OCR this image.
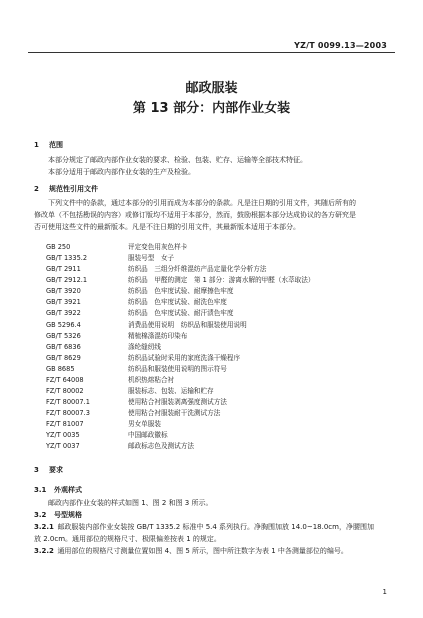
YZ/T 0099.13—2003
邮政服装
第 13 部分：内部作业女装
1 范围

本部分规定了邮政内部作业女装的要求、检验、包装、贮存、运输等全部技术特征。

本部分适用于邮政内部作业女装的生产及检验。

2 规范性引用文件

下列文件中的条款，通过本部分的引用而成为本部分的条款。凡是注日期的引用文件，其随后所有的

修改单（不包括勘误的内容）或修订版均不适用于本部分，然而，鼓励根据本部分达成协议的各方研究是

否可使用这些文件的最新版本。凡是不注日期的引用文件，其最新版本适用于本部分。

GB 250	评定变色用灰色样卡
GB/T 1335.2	服装号型　女子
GB/T 2911	纺织品　三组分纤维混纺产品定量化学分析方法
GB/T 2912.1	纺织品　甲醛的测定　第 1 部分：游离水解的甲醛（水萃取法）
GB/T 3920	纺织品　色牢度试验、耐摩擦色牢度
GB/T 3921	纺织品　色牢度试验、耐洗色牢度
GB/T 3922	纺织品　色牢度试验、耐汗渍色牢度
GB 5296.4	消费品使用说明　纺织品和服装使用说明
GB/T 5326	精梳棉涤混纺印染布
GB/T 6836	涤纶缝纫线
GB/T 8629	纺织品试验时采用的家庭洗涤干燥程序
GB 8685	纺织品和服装使用说明的图示符号
FZ/T 64008	机织热熔粘合衬
FZ/T 80002	服装标志、包装、运输和贮存
FZ/T 80007.1	使用粘合衬服装剥离强度测试方法
FZ/T 80007.3	使用粘合衬服装耐干洗测试方法
FZ/T 81007	男女单服装
YZ/T 0035	中国邮政徽标
YZ/T 0037	邮政标志色及测试方法
3 要求
3.1 外观样式

邮政内部作业女装的样式如图 1、图 2 和图 3 所示。

3.2 号型规格

3.2.1  邮政服装内部作业女装按 GB/T 1335.2 标准中 5.4 系列执行。净胸围加放 14.0~18.0cm，净腰围加

放 2.0cm。通用部位的规格尺寸、极限偏差按表 1 的规定。

3.2.2  通用部位的规格尺寸测量位置如图 4、图 5 所示，图中所注数字为表 1 中各测量部位的编号。

1
